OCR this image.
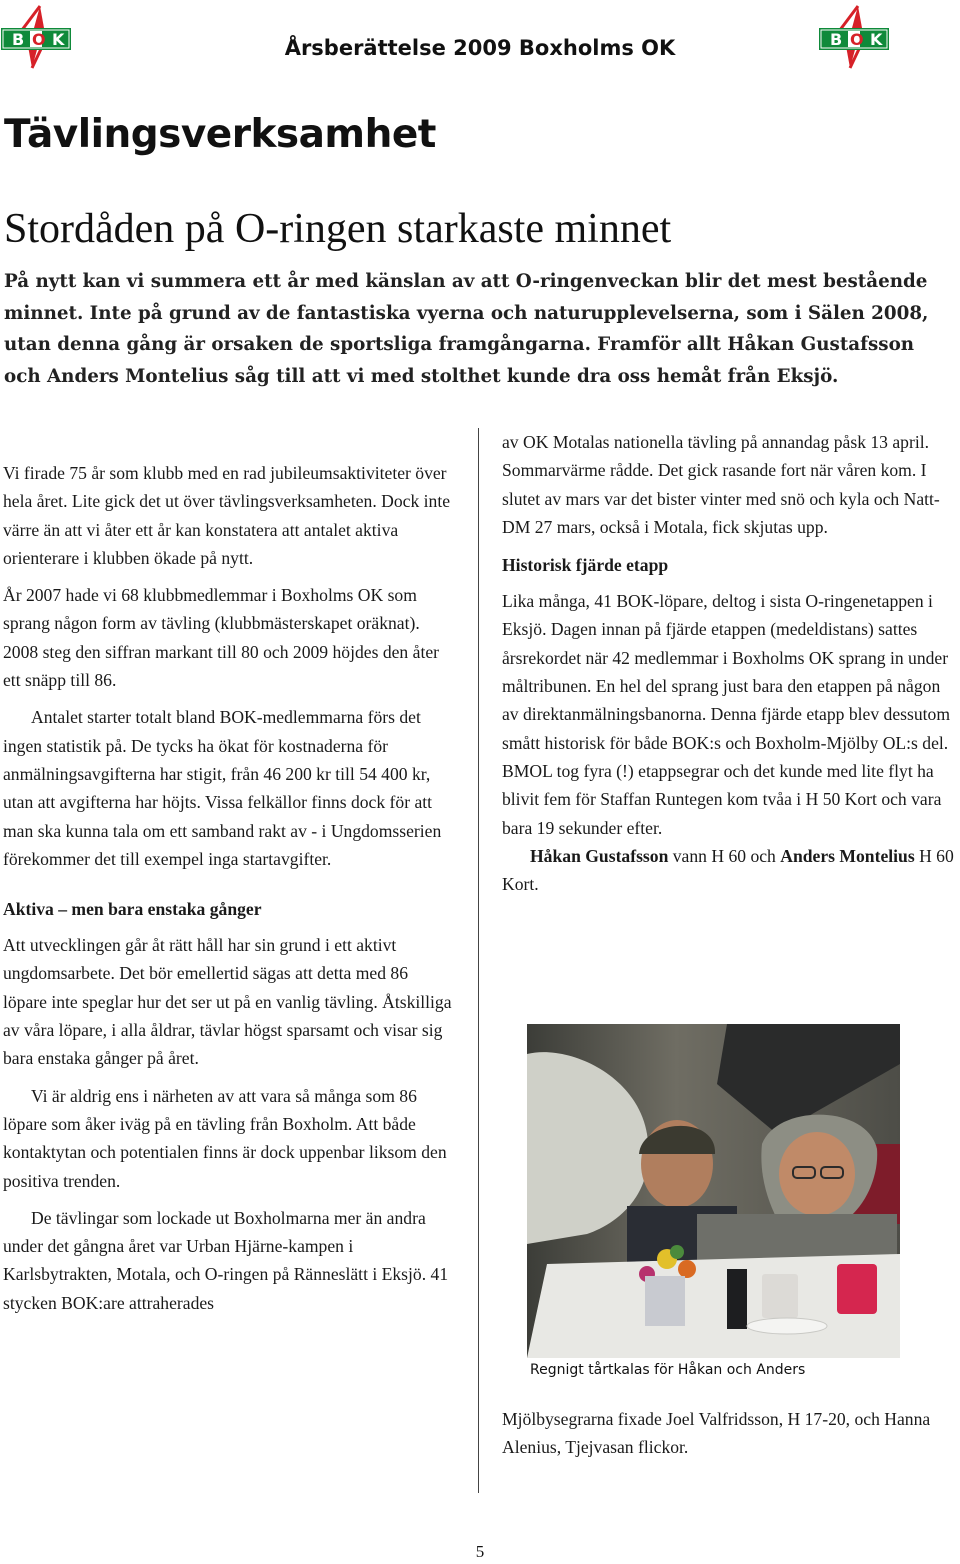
B O K	Årsberättelse 2009 Boxholms OK	B O K
Tävlingsverksamhet
Stordåden på O-ringen starkaste minnet

På nytt kan vi summera ett år med känslan av att O-ringenveckan blir det mest bestående minnet. Inte på grund av de fantastiska vyerna och naturupplevelserna, som i Sälen 2008, utan denna gång är orsaken de sportsliga framgångarna. Framför allt Håkan Gustafsson och Anders Montelius såg till att vi med stolthet kunde dra oss hemåt från Eksjö.

Vi firade 75 år som klubb med en rad jubileumsaktiviteter över hela året. Lite gick det ut över tävlingsverksamheten. Dock inte värre än att vi åter ett år kan konstatera att antalet aktiva orienterare i klubben ökade på nytt.

År 2007 hade vi 68 klubbmedlemmar i Boxholms OK som sprang någon form av tävling (klubbmästerskapet oräknat). 2008 steg den siffran markant till 80 och 2009 höjdes den åter ett snäpp till 86.

Antalet starter totalt bland BOK-medlemmarna förs det ingen statistik på. De tycks ha ökat för kostnaderna för anmälningsavgifterna har stigit, från 46 200 kr till 54 400 kr, utan att avgifterna har höjts. Vissa felkällor finns dock för att man ska kunna tala om ett samband rakt av - i Ungdomsserien förekommer det till exempel inga startavgifter.

Aktiva – men bara enstaka gånger

Att utvecklingen går åt rätt håll har sin grund i ett aktivt ungdomsarbete. Det bör emellertid sägas att detta med 86 löpare inte speglar hur det ser ut på en vanlig tävling. Åtskilliga av våra löpare, i alla åldrar, tävlar högst sparsamt och visar sig bara enstaka gånger på året.

Vi är aldrig ens i närheten av att vara så många som 86 löpare som åker iväg på en tävling från Boxholm. Att både kontaktytan och potentialen finns är dock uppenbar liksom den positiva trenden.

De tävlingar som lockade ut Boxholmarna mer än andra under det gångna året var Urban Hjärne-kampen i Karlsbytrakten, Motala, och O-ringen på Ränneslätt i Eksjö. 41 stycken BOK:are attraherades

av OK Motalas nationella tävling på annandag påsk 13 april. Sommarvärme rådde. Det gick rasande fort när våren kom. I slutet av mars var det bister vinter med snö och kyla och Natt-DM 27 mars, också i Motala, fick skjutas upp.

Historisk fjärde etapp

Lika många, 41 BOK-löpare, deltog i sista O-ringenetappen i Eksjö. Dagen innan på fjärde etappen (medeldistans) sattes årsrekordet när 42 medlemmar i Boxholms OK sprang in under måltribunen. En hel del sprang just bara den etappen på någon av direktanmälningsbanorna. Denna fjärde etapp blev dessutom smått historisk för både BOK:s och Boxholm-Mjölby OL:s del. BMOL tog fyra (!) etappsegrar och det kunde med lite flyt ha blivit fem för Staffan Runtegen kom tvåa i H 50 Kort och vara bara 19 sekunder efter.

Håkan Gustafsson vann H 60 och Anders Montelius H 60 Kort.

Regnigt tårtkalas för Håkan och Anders

Mjölbysegrarna fixade Joel Valfridsson, H 17-20, och Hanna Alenius, Tjejvasan flickor.

5
